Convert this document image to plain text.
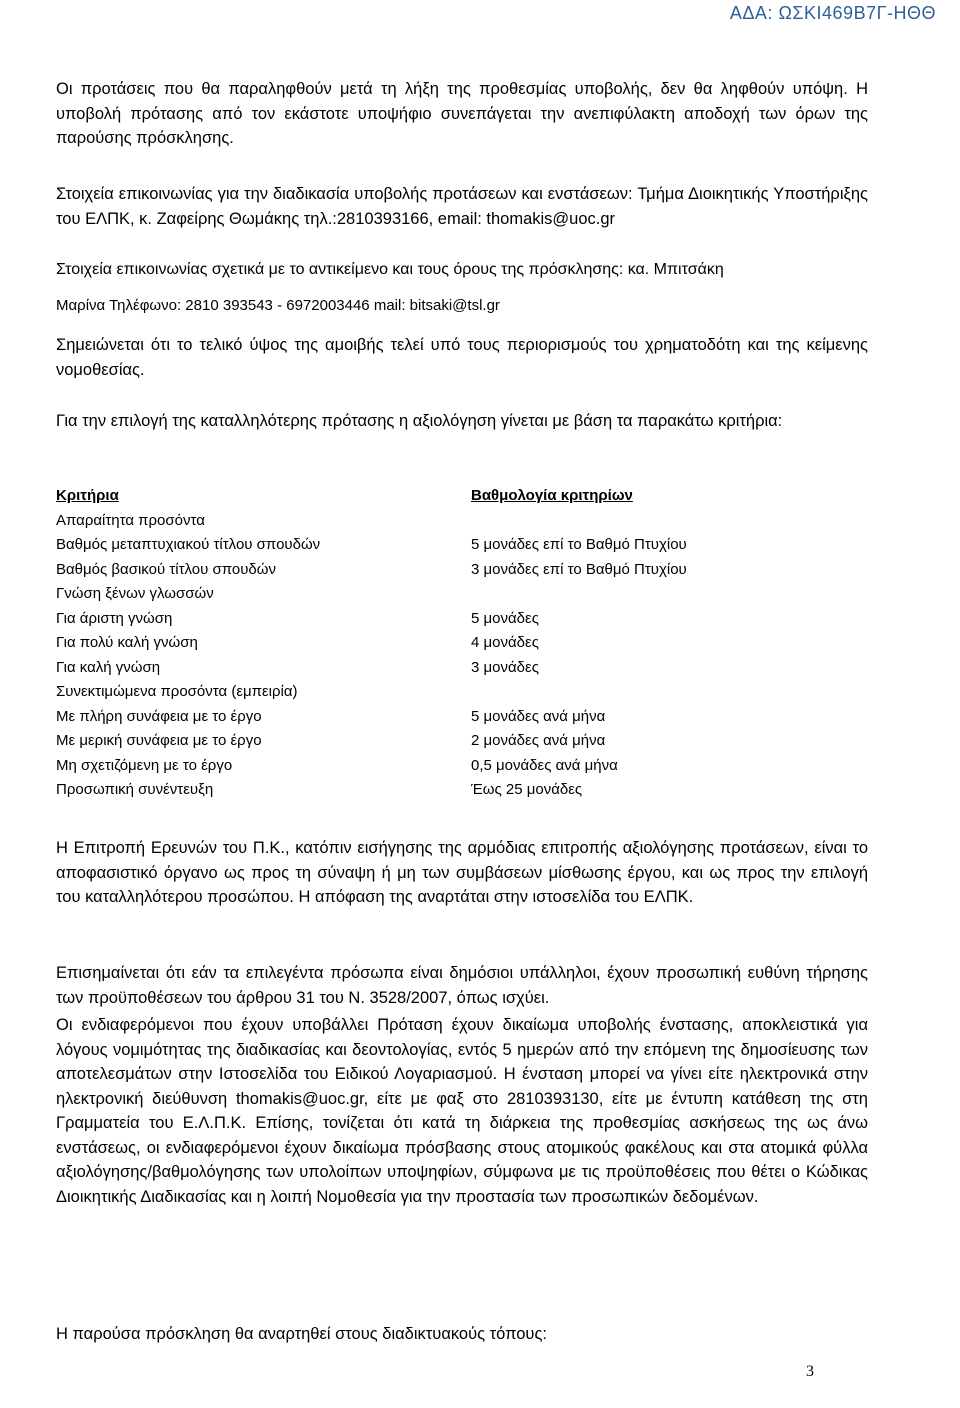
ΑΔΑ: ΩΣΚΙ469Β7Γ-ΗΘΘ

Οι προτάσεις που θα παραληφθούν μετά τη λήξη της προθεσμίας υποβολής, δεν θα ληφθούν υπόψη. Η υποβολή πρότασης από τον εκάστοτε υποψήφιο συνεπάγεται την ανεπιφύλακτη αποδοχή των όρων της παρούσης πρόσκλησης.

Στοιχεία επικοινωνίας για την διαδικασία υποβολής προτάσεων και ενστάσεων: Τμήμα Διοικητικής Υποστήριξης του ΕΛΠΚ, κ. Ζαφείρης Θωμάκης τηλ.:2810393166, email: thomakis@uoc.gr

Στοιχεία επικοινωνίας σχετικά με το αντικείμενο και τους όρους της πρόσκλησης: κα. Μπιτσάκη
Μαρίνα Τηλέφωνο: 2810 393543 - 6972003446 mail: bitsaki@tsl.gr

Σημειώνεται ότι το τελικό ύψος της αμοιβής τελεί υπό τους περιορισμούς του χρηματοδότη και της κείμενης νομοθεσίας.

Για την επιλογή της καταλληλότερης πρότασης η αξιολόγηση γίνεται με βάση τα παρακάτω κριτήρια:

Κριτήρια	Βαθμολογία κριτηρίων
Απαραίτητα προσόντα	
Βαθμός μεταπτυχιακού τίτλου σπουδών	5 μονάδες επί το Βαθμό Πτυχίου
Βαθμός βασικού τίτλου σπουδών	3 μονάδες επί το Βαθμό Πτυχίου
Γνώση ξένων γλωσσών	
Για άριστη γνώση	5 μονάδες
Για πολύ καλή γνώση	4 μονάδες
Για καλή γνώση	3 μονάδες
Συνεκτιμώμενα προσόντα (εμπειρία)	
Με πλήρη συνάφεια με το έργο	5 μονάδες ανά μήνα
Με μερική συνάφεια με το έργο	2 μονάδες ανά μήνα
Μη σχετιζόμενη με το έργο	0,5 μονάδες ανά μήνα
Προσωπική συνέντευξη	Έως 25 μονάδες

Η Επιτροπή Ερευνών του Π.Κ., κατόπιν εισήγησης της αρμόδιας επιτροπής αξιολόγησης προτάσεων, είναι το αποφασιστικό όργανο ως προς τη σύναψη ή μη των συμβάσεων μίσθωσης έργου, και ως προς την επιλογή του καταλληλότερου προσώπου. Η απόφαση της αναρτάται στην ιστοσελίδα του ΕΛΠΚ.

Επισημαίνεται ότι εάν τα επιλεγέντα πρόσωπα είναι δημόσιοι υπάλληλοι, έχουν προσωπική ευθύνη τήρησης των προϋποθέσεων του άρθρου 31 του Ν. 3528/2007, όπως ισχύει.

Οι ενδιαφερόμενοι που έχουν υποβάλλει Πρόταση έχουν δικαίωμα υποβολής ένστασης, αποκλειστικά για λόγους νομιμότητας της διαδικασίας και δεοντολογίας, εντός 5 ημερών από την επόμενη της δημοσίευσης των αποτελεσμάτων στην Ιστοσελίδα του Ειδικού Λογαριασμού. Η ένσταση μπορεί να γίνει είτε ηλεκτρονικά στην ηλεκτρονική διεύθυνση thomakis@uoc.gr, είτε με φαξ στο 2810393130, είτε με έντυπη κατάθεση της στη Γραμματεία του Ε.Λ.Π.Κ. Επίσης, τονίζεται ότι κατά τη διάρκεια της προθεσμίας ασκήσεως της ως άνω ενστάσεως, οι ενδιαφερόμενοι έχουν δικαίωμα πρόσβασης στους ατομικούς φακέλους και στα ατομικά φύλλα αξιολόγησης/βαθμολόγησης των υπολοίπων υποψηφίων, σύμφωνα με τις προϋποθέσεις που θέτει ο Κώδικας Διοικητικής Διαδικασίας και η λοιπή Νομοθεσία για την προστασία των προσωπικών δεδομένων.

Η παρούσα πρόσκληση θα αναρτηθεί στους διαδικτυακούς τόπους:

3
